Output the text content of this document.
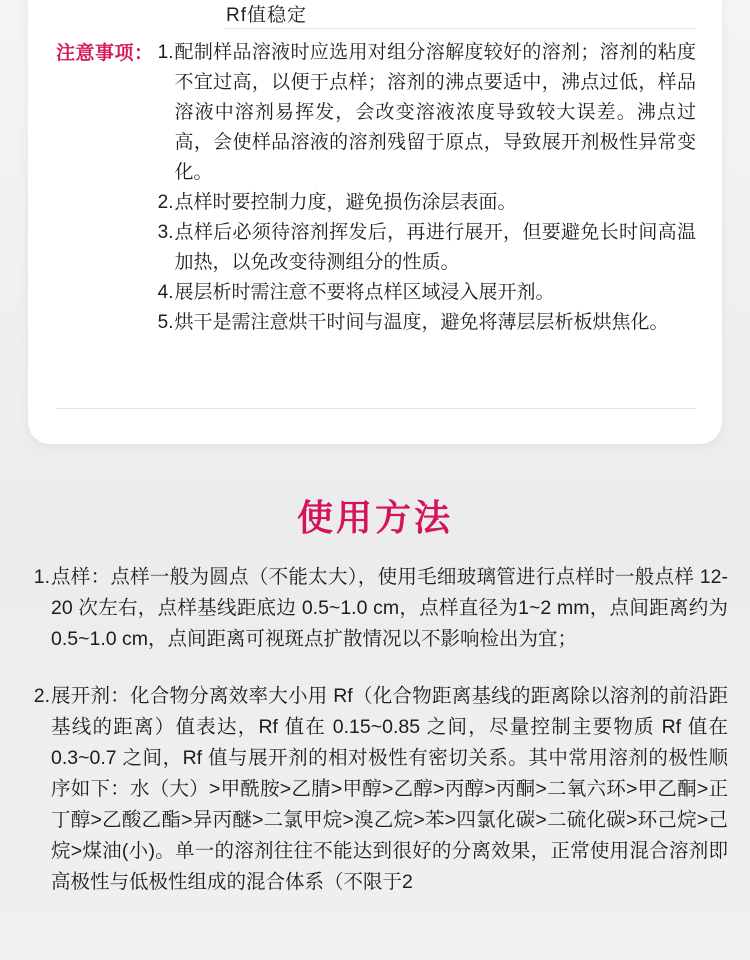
Rf值稳定
注意事项： 1. 配制样品溶液时应选用对组分溶解度较好的溶剂；溶剂的粘度不宜过高，以便于点样；溶剂的沸点要适中，沸点过低，样品溶液中溶剂易挥发，会改变溶液浓度导致较大误差。沸点过高，会使样品溶液的溶剂残留于原点，导致展开剂极性异常变化。
2. 点样时要控制力度，避免损伤涂层表面。
3. 点样后必须待溶剂挥发后，再进行展开，但要避免长时间高温加热，以免改变待测组分的性质。
4. 展层析时需注意不要将点样区域浸入展开剂。
5. 烘干是需注意烘干时间与温度，避免将薄层层析板烘焦化。
使用方法
1. 点样：点样一般为圆点（不能太大），使用毛细玻璃管进行点样时一般点样 12-20 次左右，点样基线距底边 0.5~1.0 cm，点样直径为1~2 mm，点间距离约为 0.5~1.0 cm，点间距离可视斑点扩散情况以不影响检出为宜；
2. 展开剂：化合物分离效率大小用 Rf（化合物距离基线的距离除以溶剂的前沿距基线的距离）值表达，Rf 值在 0.15~0.85 之间，尽量控制主要物质 Rf 值在 0.3~0.7 之间，Rf 值与展开剂的相对极性有密切关系。其中常用溶剂的极性顺序如下：水（大）>甲酰胺>乙腈>甲醇>乙醇>丙醇>丙酮>二氧六环>甲乙酮>正丁醇>乙酸乙酯>异丙醚>二氯甲烷>溴乙烷>苯>四氯化碳>二硫化碳>环己烷>己烷>煤油(小)。单一的溶剂往往不能达到很好的分离效果，正常使用混合溶剂即高极性与低极性组成的混合体系（不限于2
